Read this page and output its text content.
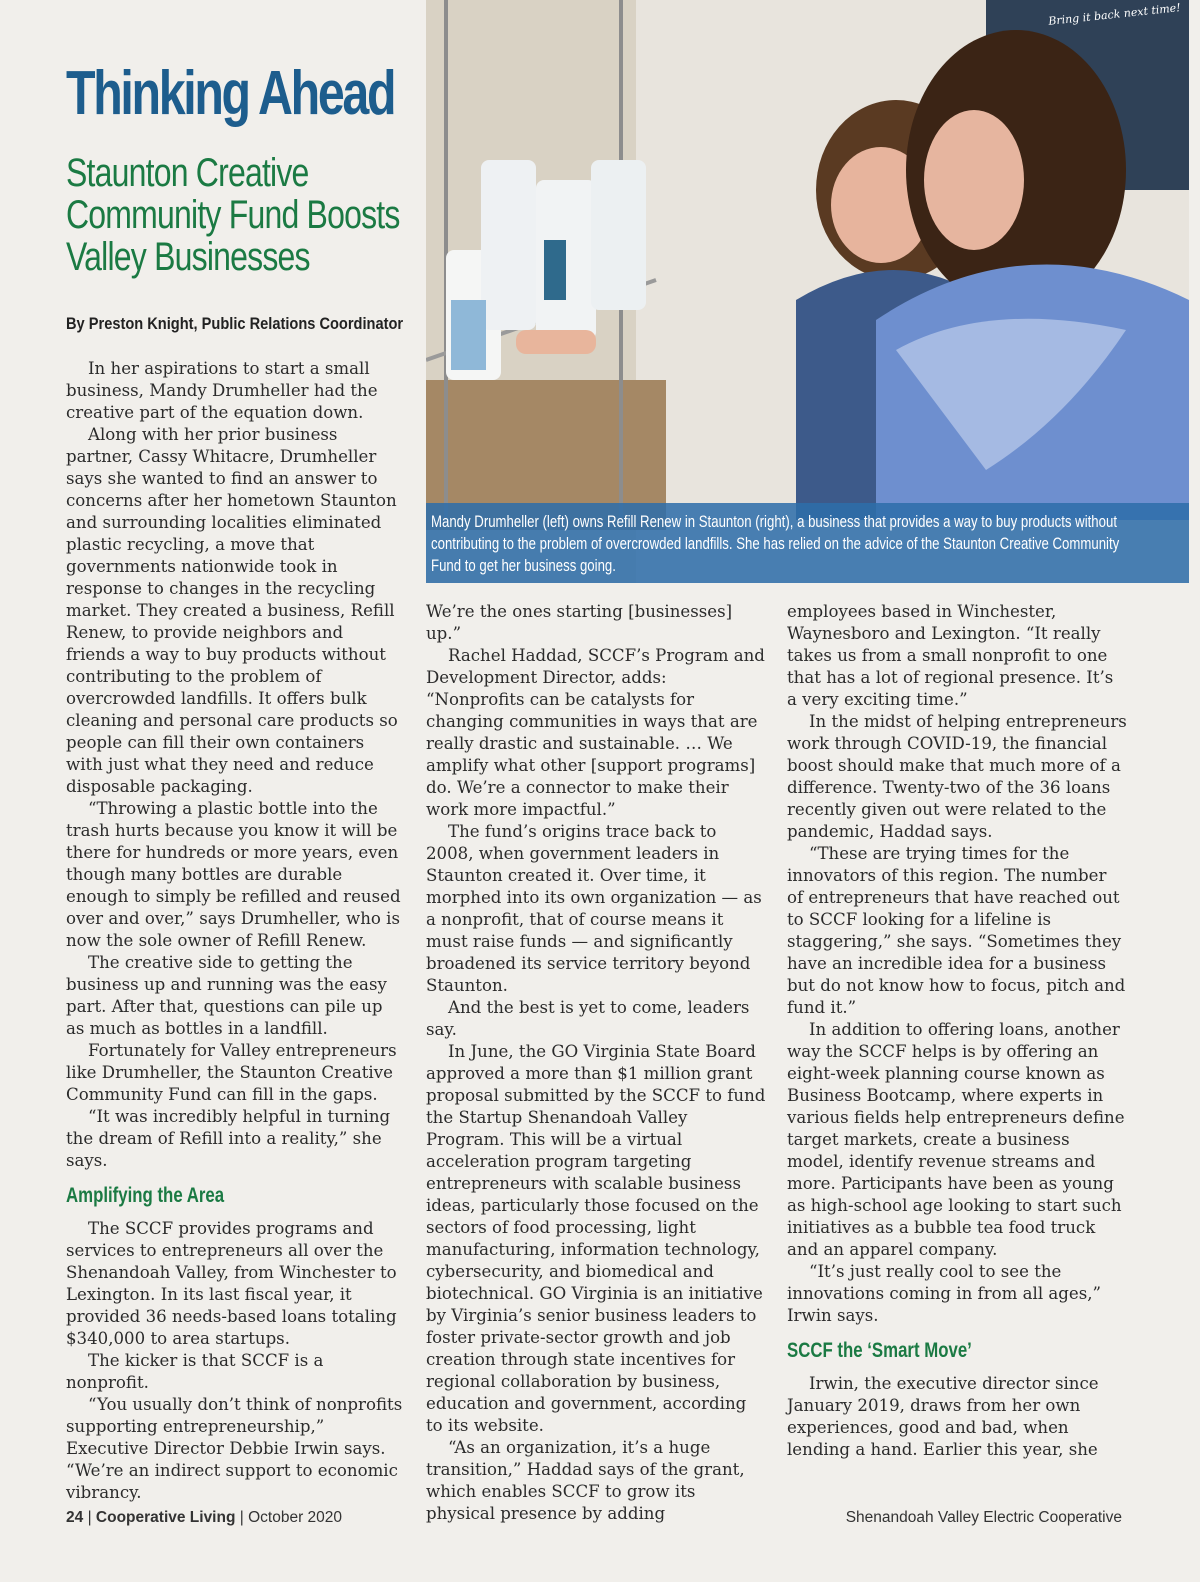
Thinking Ahead
Staunton Creative Community Fund Boosts Valley Businesses
By Preston Knight, Public Relations Coordinator
Bring it back next time!
Mandy Drumheller (left) owns Refill Renew in Staunton (right), a business that provides a way to buy products without contributing to the problem of overcrowded landfills. She has relied on the advice of the Staunton Creative Community Fund to get her business going.

In her aspirations to start a small business, Mandy Drumheller had the creative part of the equation down.

Along with her prior business partner, Cassy Whitacre, Drumheller says she wanted to find an answer to concerns after her hometown Staunton and surrounding localities eliminated plastic recycling, a move that governments nationwide took in response to changes in the recycling market. They created a business, Refill Renew, to provide neighbors and friends a way to buy products without contributing to the problem of overcrowded landfills. It offers bulk cleaning and personal care products so people can fill their own containers with just what they need and reduce disposable packaging.

“Throwing a plastic bottle into the trash hurts because you know it will be there for hundreds or more years, even though many bottles are durable enough to simply be refilled and reused over and over,” says Drumheller, who is now the sole owner of Refill Renew.

The creative side to getting the business up and running was the easy part. After that, questions can pile up as much as bottles in a landfill.

Fortunately for Valley entrepreneurs like Drumheller, the Staunton Creative Community Fund can fill in the gaps.

“It was incredibly helpful in turning the dream of Refill into a reality,” she says.

Amplifying the Area

The SCCF provides programs and services to entrepreneurs all over the Shenandoah Valley, from Winchester to Lexington. In its last fiscal year, it provided 36 needs-based loans totaling $340,000 to area startups.

The kicker is that SCCF is a nonprofit.

“You usually don’t think of nonprofits supporting entrepreneurship,” Executive Director Debbie Irwin says. “We’re an indirect support to economic vibrancy.

We’re the ones starting [businesses] up.”

Rachel Haddad, SCCF’s Program and Development Director, adds: “Nonprofits can be catalysts for changing communities in ways that are really drastic and sustainable. … We amplify what other [support programs] do. We’re a connector to make their work more impactful.”

The fund’s origins trace back to 2008, when government leaders in Staunton created it. Over time, it morphed into its own organization — as a nonprofit, that of course means it must raise funds — and significantly broadened its service territory beyond Staunton.

And the best is yet to come, leaders say.

In June, the GO Virginia State Board approved a more than $1 million grant proposal submitted by the SCCF to fund the Startup Shenandoah Valley Program. This will be a virtual acceleration program targeting entrepreneurs with scalable business ideas, particularly those focused on the sectors of food processing, light manufacturing, information technology, cybersecurity, and biomedical and biotechnical. GO Virginia is an initiative by Virginia’s senior business leaders to foster private-sector growth and job creation through state incentives for regional collaboration by business, education and government, according to its website.

“As an organization, it’s a huge transition,” Haddad says of the grant, which enables SCCF to grow its physical presence by adding

employees based in Winchester, Waynesboro and Lexington. “It really takes us from a small nonprofit to one that has a lot of regional presence. It’s a very exciting time.”

In the midst of helping entrepreneurs work through COVID-19, the financial boost should make that much more of a difference. Twenty-two of the 36 loans recently given out were related to the pandemic, Haddad says.

“These are trying times for the innovators of this region. The number of entrepreneurs that have reached out to SCCF looking for a lifeline is staggering,” she says. “Sometimes they have an incredible idea for a business but do not know how to focus, pitch and fund it.”

In addition to offering loans, another way the SCCF helps is by offering an eight-week planning course known as Business Bootcamp, where experts in various fields help entrepreneurs define target markets, create a business model, identify revenue streams and more. Participants have been as young as high-school age looking to start such initiatives as a bubble tea food truck and an apparel company.

“It’s just really cool to see the innovations coming in from all ages,” Irwin says.

SCCF the ‘Smart Move’

Irwin, the executive director since January 2019, draws from her own experiences, good and bad, when lending a hand. Earlier this year, she

24 | Cooperative Living | October 2020	Shenandoah Valley Electric Cooperative
